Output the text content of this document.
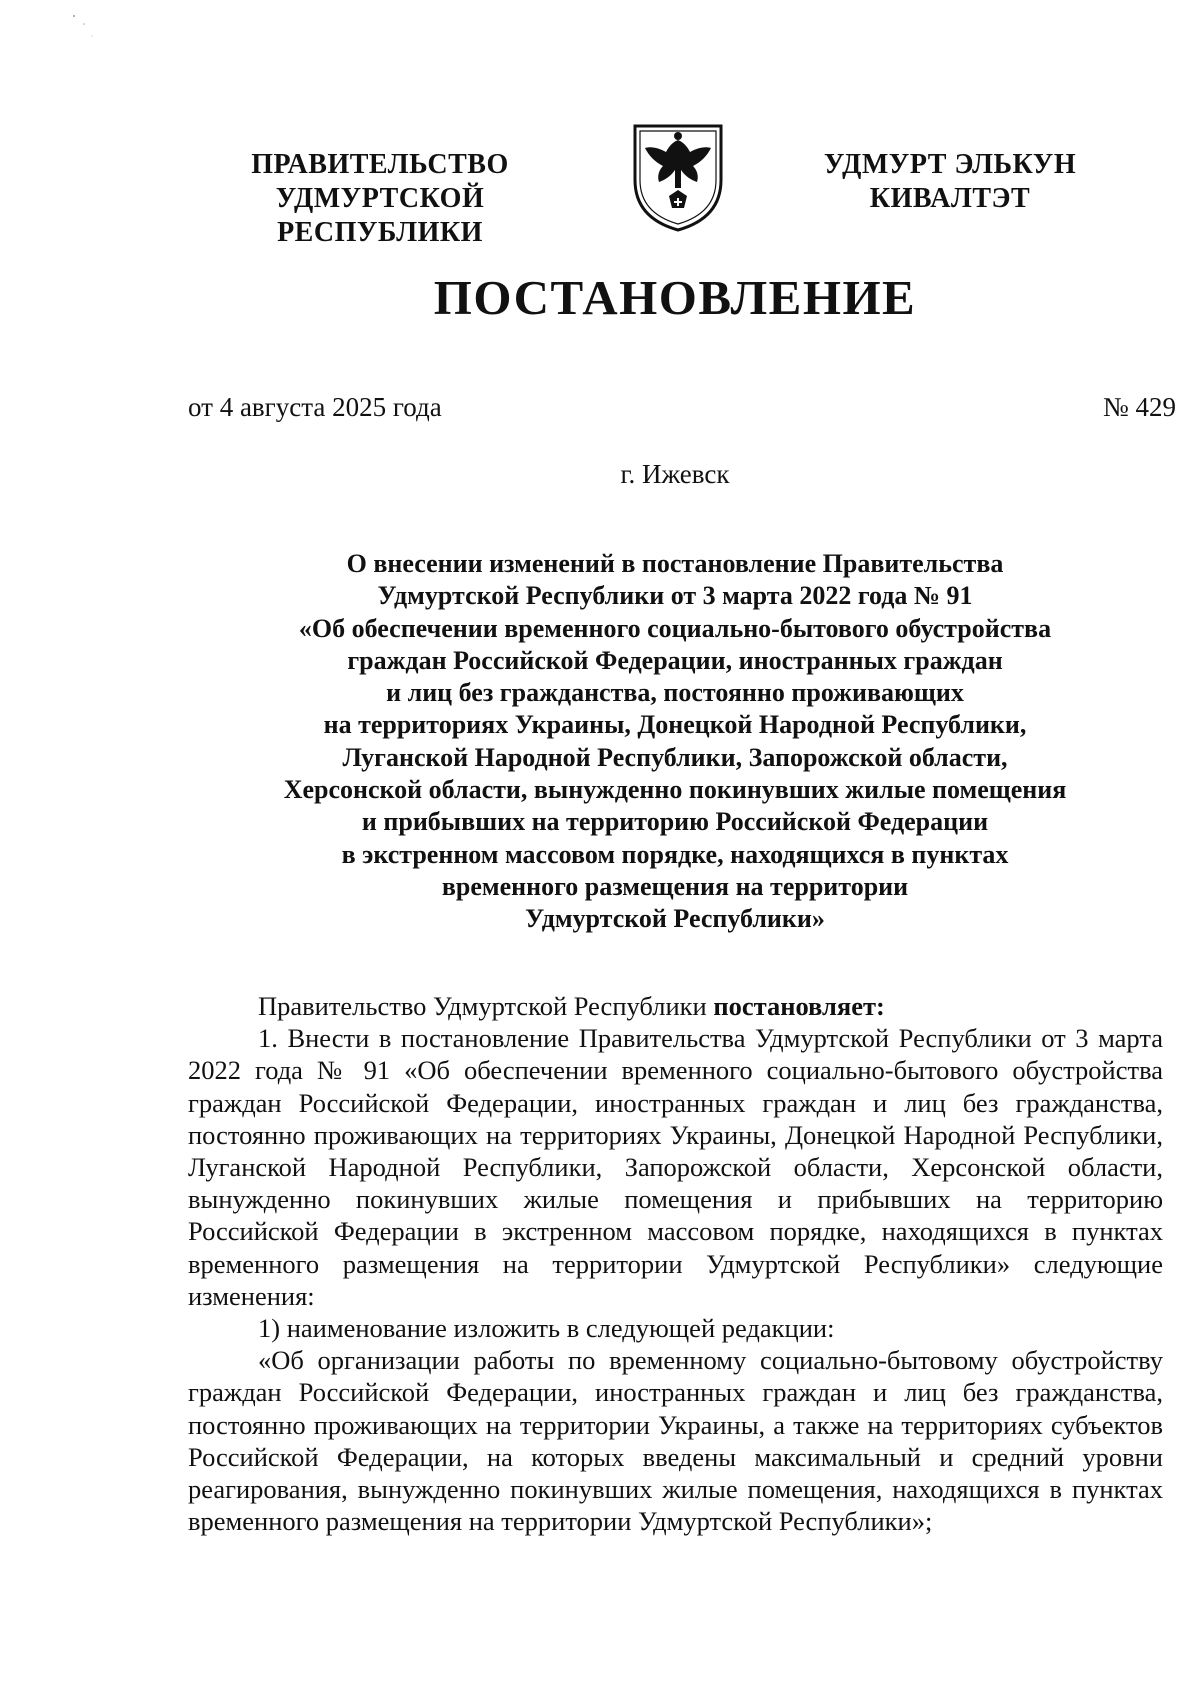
ПРАВИТЕЛЬСТВО
УДМУРТСКОЙ РЕСПУБЛИКИ
УДМУРТ ЭЛЬКУН
КИВАЛТЭТ
ПОСТАНОВЛЕНИЕ
от 4 августа 2025 года	№ 429
г. Ижевск
О внесении изменений в постановление Правительства
Удмуртской Республики от 3 марта 2022 года № 91
«Об обеспечении временного социально-бытового обустройства
граждан Российской Федерации, иностранных граждан
и лиц без гражданства, постоянно проживающих
на территориях Украины, Донецкой Народной Республики,
Луганской Народной Республики, Запорожской области,
Херсонской области, вынужденно покинувших жилые помещения
и прибывших на территорию Российской Федерации
в экстренном массовом порядке, находящихся в пунктах
временного размещения на территории
Удмуртской Республики»

Правительство Удмуртской Республики постановляет:

1. Внести в постановление Правительства Удмуртской Республики от 3 марта 2022 года № 91 «Об обеспечении временного социально-бытового обустройства граждан Российской Федерации, иностранных граждан и лиц без гражданства, постоянно проживающих на территориях Украины, Донецкой Народной Республики, Луганской Народной Республики, Запорожской области, Херсонской области, вынужденно покинувших жилые помещения и прибывших на территорию Российской Федерации в экстренном массовом порядке, находящихся в пунктах временного размещения на территории Удмуртской Республики» следующие изменения:

1) наименование изложить в следующей редакции:

«Об организации работы по временному социально-бытовому обустройству граждан Российской Федерации, иностранных граждан и лиц без гражданства, постоянно проживающих на территории Украины, а также на территориях субъектов Российской Федерации, на которых введены максимальный и средний уровни реагирования, вынужденно покинувших жилые помещения, находящихся в пунктах временного размещения на территории Удмуртской Республики»;
